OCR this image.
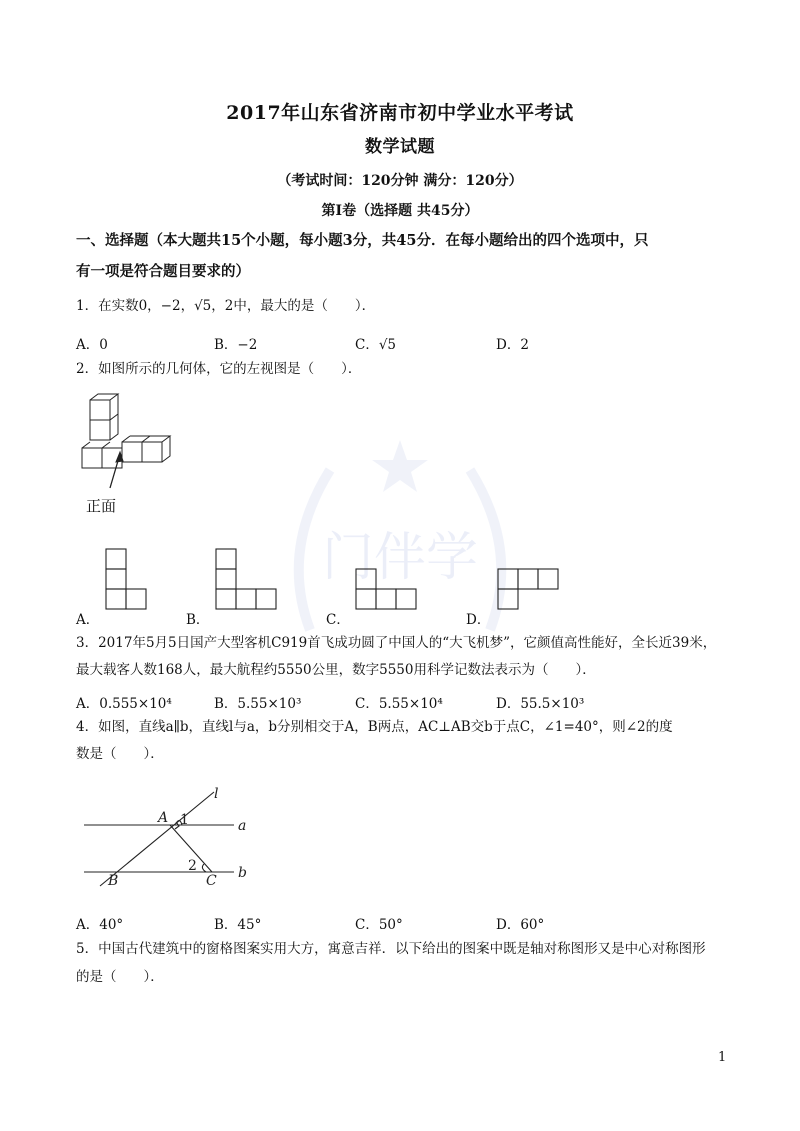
门伴学
2017年山东省济南市初中学业水平考试
数学试题
（考试时间：120分钟 满分：120分）
第Ⅰ卷（选择题 共45分）
一、选择题（本大题共15个小题，每小题3分，共45分．在每小题给出的四个选项中，只
有一项是符合题目要求的）
1．在实数0，−2，√5，2中，最大的是（　　）．
A．0	B．−2	C．√5	D．2
2．如图所示的几何体，它的左视图是（　　）．
正面
A．	B．	C．	D．
3．2017年5月5日国产大型客机C919首飞成功圆了中国人的“大飞机梦”，它颜值高性能好，全长近39米，
最大载客人数168人，最大航程约5550公里，数字5550用科学记数法表示为（　　）．
A．0.555×10⁴	B．5.55×10³	C．5.55×10⁴	D．55.5×10³
4．如图，直线a∥b，直线l与a，b分别相交于A，B两点，AC⊥AB交b于点C，∠1=40°，则∠2的度
数是（　　）．
l
a
b
A
B	C
1
2
A．40°	B．45°	C．50°	D．60°
5．中国古代建筑中的窗格图案实用大方，寓意吉祥．以下给出的图案中既是轴对称图形又是中心对称图形
的是（　　）．
1
